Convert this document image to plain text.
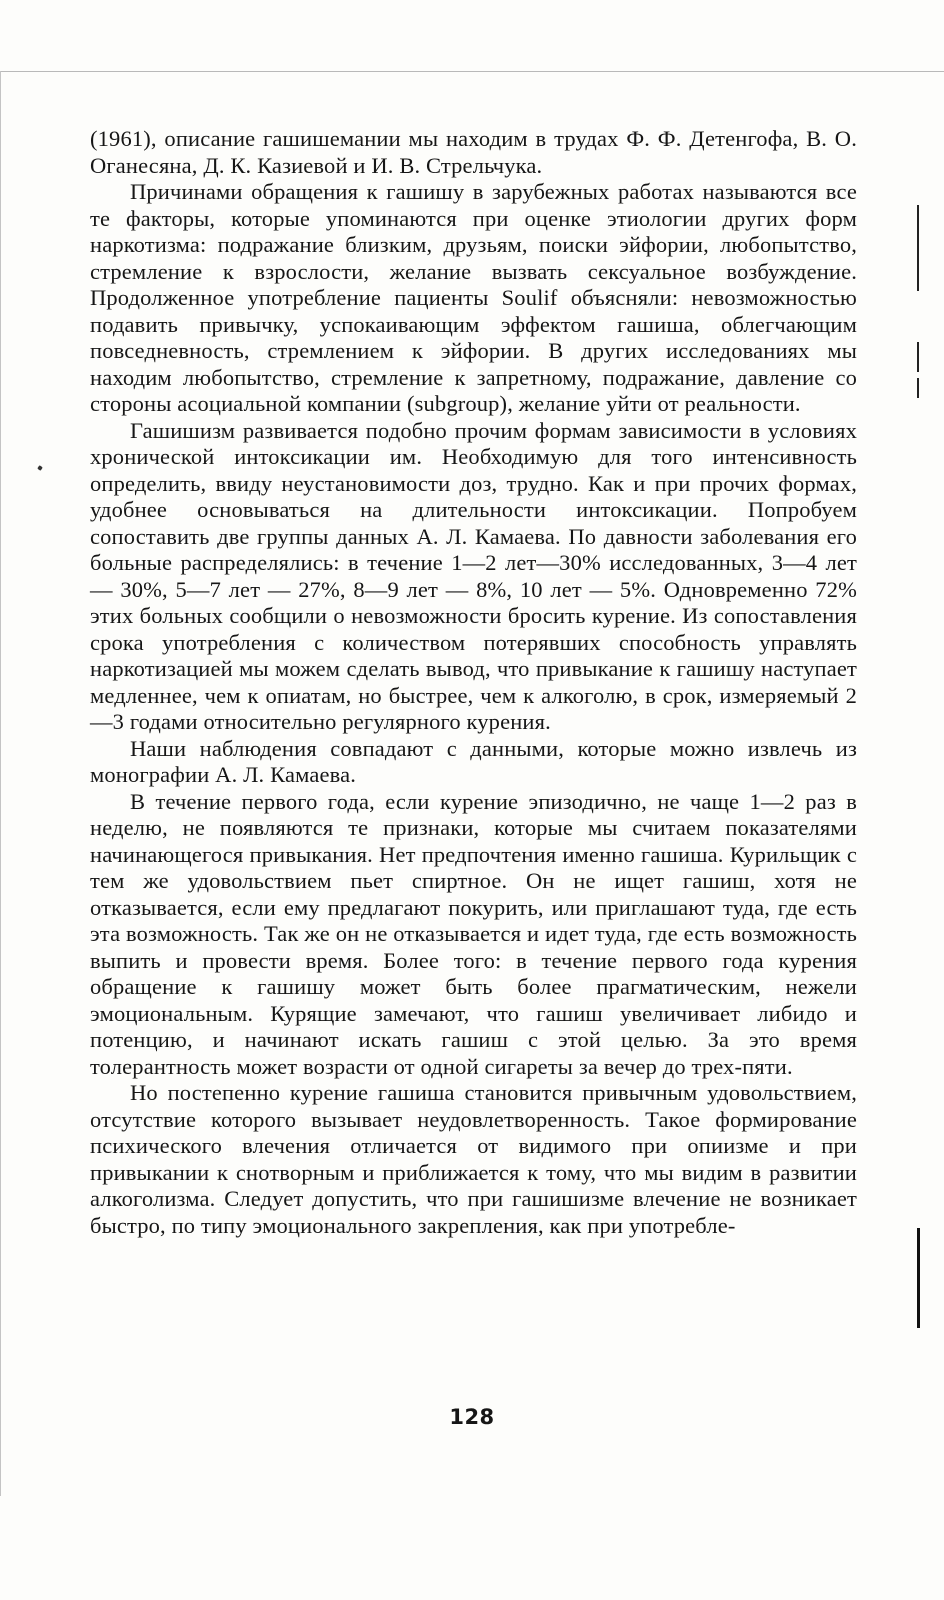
(1961), описание гашишемании мы находим в трудах Ф. Ф. Детенгофа, В. О. Оганесяна, Д. К. Казиевой и И. В. Стрельчука.

Причинами обращения к гашишу в зарубежных работах называются все те факторы, которые упоминаются при оценке этиологии других форм наркотизма: подражание близким, друзьям, поиски эйфории, любопытство, стремление к взрослости, желание вызвать сексуальное возбуждение. Продолженное употребление пациенты Soulif объясняли: невозможностью подавить привычку, успокаивающим эффектом гашиша, облегчающим повседневность, стремлением к эйфории. В других исследованиях мы находим любопытство, стремление к запретному, подражание, давление со стороны асоциальной компании (subgroup), желание уйти от реальности.

Гашишизм развивается подобно прочим формам зависимости в условиях хронической интоксикации им. Необходимую для того интенсивность определить, ввиду неустановимости доз, трудно. Как и при прочих формах, удобнее основываться на длительности интоксикации. Попробуем сопоставить две группы данных А. Л. Камаева. По давности заболевания его больные распределялись: в течение 1—2 лет—30% исследованных, 3—4 лет — 30%, 5—7 лет — 27%, 8—9 лет — 8%, 10 лет — 5%. Одновременно 72% этих больных сообщили о невозможности бросить курение. Из сопоставления срока употребления с количеством потерявших способность управлять наркотизацией мы можем сделать вывод, что привыкание к гашишу наступает медленнее, чем к опиатам, но быстрее, чем к алкоголю, в срок, измеряемый 2—3 годами относительно регулярного курения.

Наши наблюдения совпадают с данными, которые можно извлечь из монографии А. Л. Камаева.

В течение первого года, если курение эпизодично, не чаще 1—2 раз в неделю, не появляются те признаки, которые мы считаем показателями начинающегося привыкания. Нет предпочтения именно гашиша. Курильщик с тем же удовольствием пьет спиртное. Он не ищет гашиш, хотя не отказывается, если ему предлагают покурить, или приглашают туда, где есть эта возможность. Так же он не отказывается и идет туда, где есть возможность выпить и провести время. Более того: в течение первого года курения обращение к гашишу может быть более прагматическим, нежели эмоциональным. Курящие замечают, что гашиш увеличивает либидо и потенцию, и начинают искать гашиш с этой целью. За это время толерантность может возрасти от одной сигареты за вечер до трех-пяти.

Но постепенно курение гашиша становится привычным удовольствием, отсутствие которого вызывает неудовлетворенность. Такое формирование психического влечения отличается от видимого при опиизме и при привыкании к снотворным и приближается к тому, что мы видим в развитии алкоголизма. Следует допустить, что при гашишизме влечение не возникает быстро, по типу эмоционального закрепления, как при употребле-

128
